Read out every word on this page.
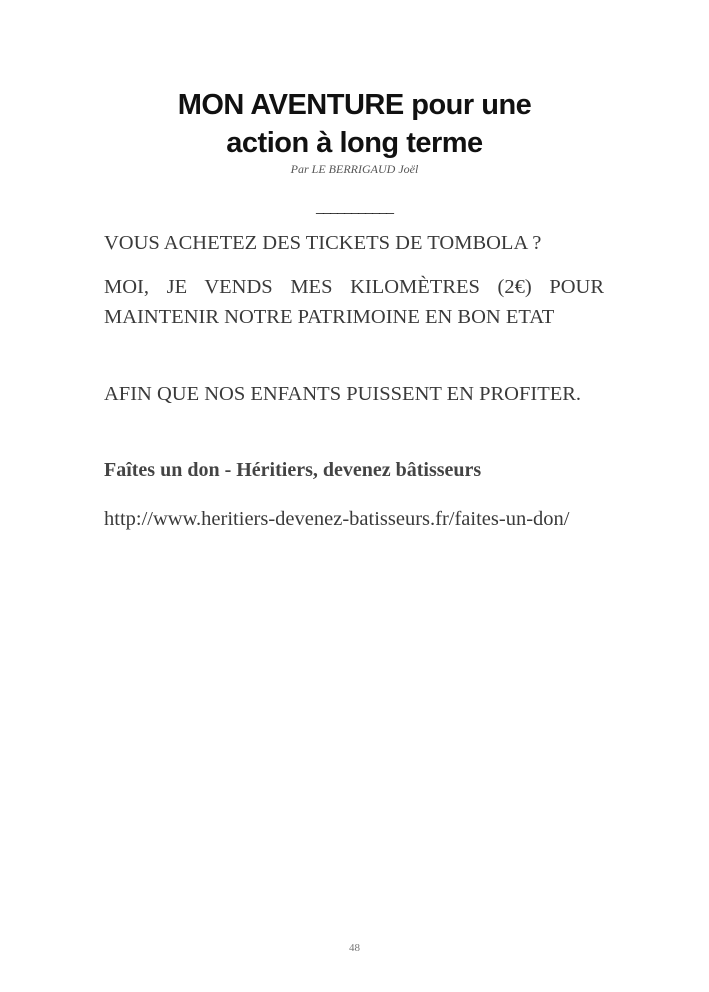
MON AVENTURE pour une
action à long terme
Par LE BERRIGAUD Joël
___________

VOUS ACHETEZ DES TICKETS DE TOMBOLA ?

MOI, JE VENDS MES KILOMÈTRES (2€) POUR MAINTENIR NOTRE PATRIMOINE EN BON ETAT

AFIN QUE NOS ENFANTS PUISSENT EN PROFITER.

Faîtes un don - Héritiers, devenez bâtisseurs

http://www.heritiers-devenez-batisseurs.fr/faites-un-don/

48
